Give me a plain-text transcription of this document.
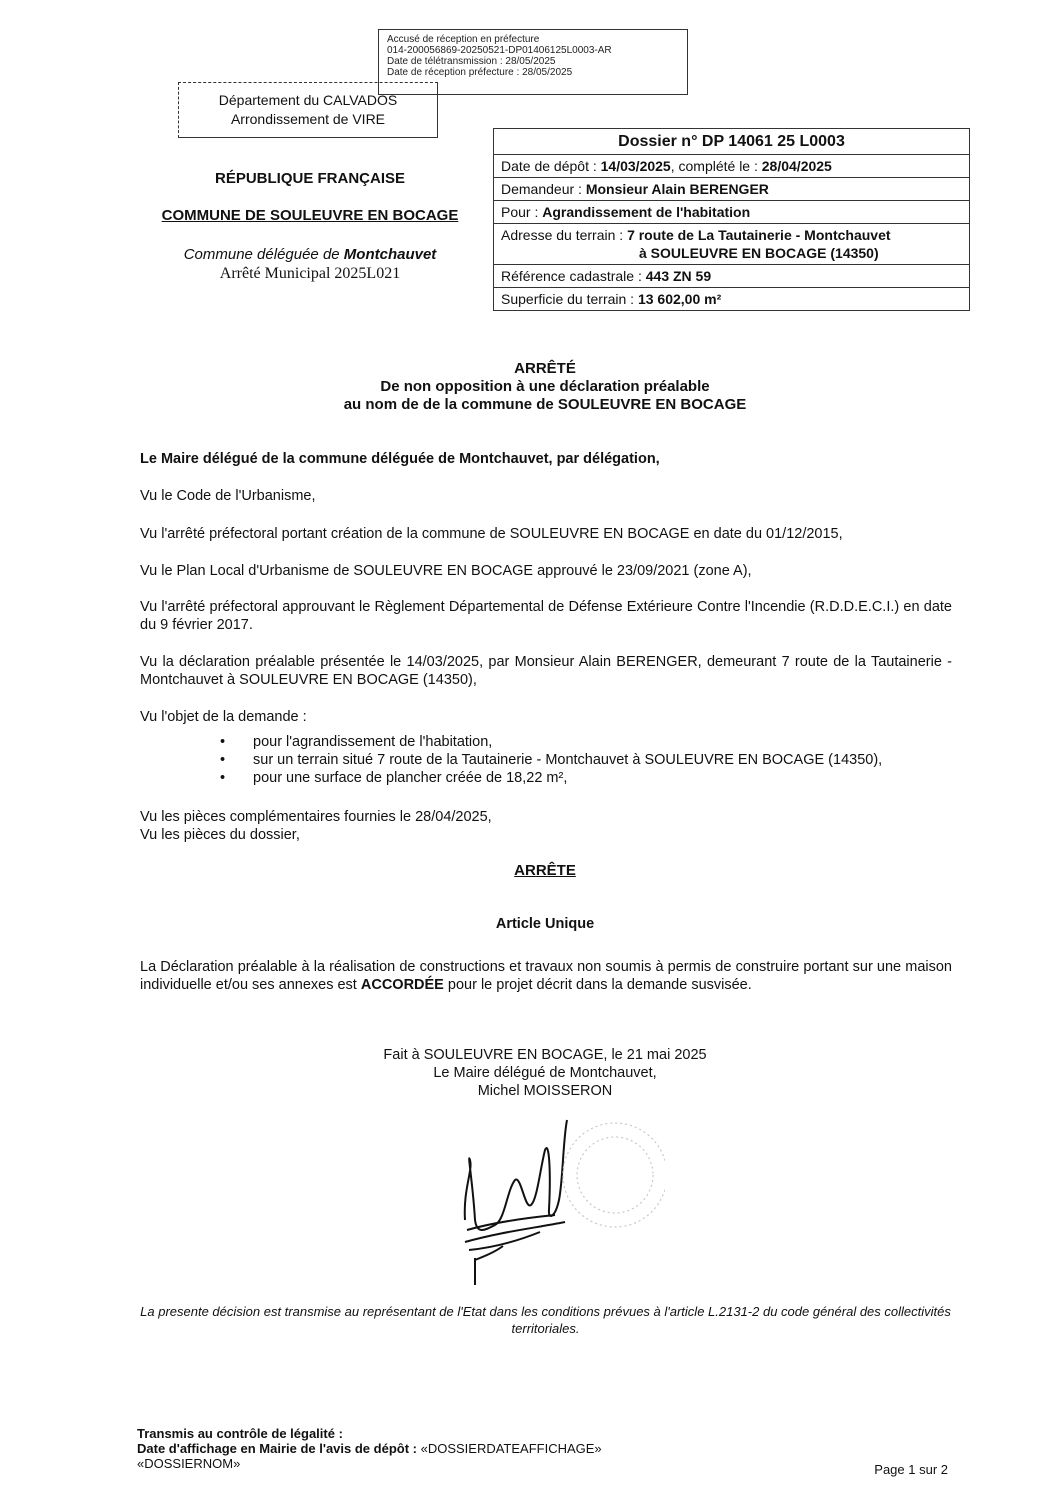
Accusé de réception en préfecture
014-200056869-20250521-DP01406125L0003-AR
Date de télétransmission : 28/05/2025
Date de réception préfecture : 28/05/2025
Département du CALVADOS
Arrondissement de VIRE
RÉPUBLIQUE FRANÇAISE
COMMUNE DE SOULEUVRE EN BOCAGE
Commune déléguée de Montchauvet
Arrêté Municipal 2025L021
Dossier n° DP 14061 25 L0003
Date de dépôt : 14/03/2025, complété le : 28/04/2025
Demandeur : Monsieur Alain BERENGER
Pour : Agrandissement de l'habitation
Adresse du terrain : 7 route de La Tautainerie - Montchauvet
à SOULEUVRE EN BOCAGE (14350)
Référence cadastrale : 443 ZN 59
Superficie du terrain : 13 602,00 m²
ARRÊTÉ
De non opposition à une déclaration préalable
au nom de de la commune de SOULEUVRE EN BOCAGE
Le Maire délégué de la commune déléguée de Montchauvet, par délégation,
Vu le Code de l'Urbanisme,
Vu l'arrêté préfectoral portant création de la commune de SOULEUVRE EN BOCAGE en date du 01/12/2015,
Vu le Plan Local d'Urbanisme de SOULEUVRE EN BOCAGE approuvé le 23/09/2021 (zone A),
Vu l'arrêté préfectoral approuvant le Règlement Départemental de Défense Extérieure Contre l'Incendie (R.D.D.E.C.I.) en date du 9 février 2017.
Vu la déclaration préalable présentée le 14/03/2025, par Monsieur Alain BERENGER, demeurant 7 route de la Tautainerie - Montchauvet à SOULEUVRE EN BOCAGE (14350),
Vu l'objet de la demande :
• pour l'agrandissement de l'habitation,
• sur un terrain situé 7 route de la Tautainerie - Montchauvet à SOULEUVRE EN BOCAGE (14350),
• pour une surface de plancher créée de 18,22 m²,
Vu les pièces complémentaires fournies le 28/04/2025,
Vu les pièces du dossier,
ARRÊTE
Article Unique
La Déclaration préalable à la réalisation de constructions et travaux non soumis à permis de construire portant sur une maison individuelle et/ou ses annexes est ACCORDÉE pour le projet décrit dans la demande susvisée.
Fait à SOULEUVRE EN BOCAGE, le 21 mai 2025
Le Maire délégué de Montchauvet,
Michel MOISSERON
La presente décision est transmise au représentant de l'Etat dans les conditions prévues à l'article L.2131-2 du code général des collectivités territoriales.
Transmis au contrôle de légalité :
Date d'affichage en Mairie de l'avis de dépôt : «DOSSIERDATEAFFICHAGE»
«DOSSIERNOM»	Page 1 sur 2
